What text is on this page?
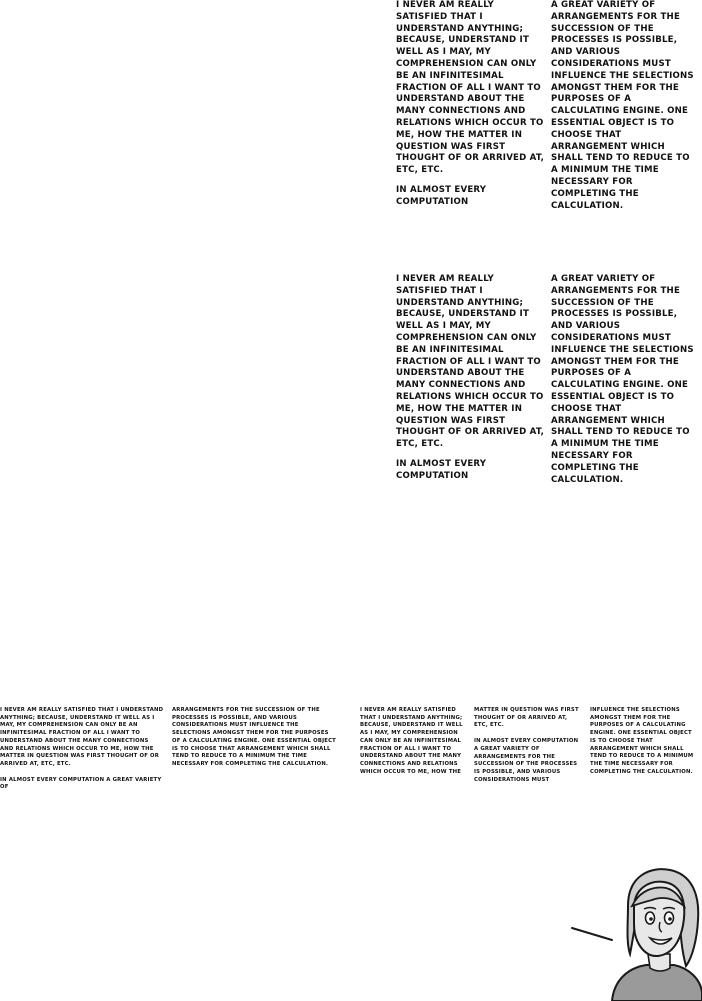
I NEVER AM REALLY SATISFIED THAT I UNDERSTAND ANYTHING; BECAUSE, UNDERSTAND IT WELL AS I MAY, MY COMPREHENSION CAN ONLY BE AN INFINITESIMAL FRACTION OF ALL I WANT TO UNDERSTAND ABOUT THE MANY CONNECTIONS AND RELATIONS WHICH OCCUR TO ME, HOW THE MATTER IN QUESTION WAS FIRST THOUGHT OF OR ARRIVED AT, ETC, ETC.

IN ALMOST EVERY COMPUTATION

A GREAT VARIETY OF ARRANGEMENTS FOR THE SUCCESSION OF THE PROCESSES IS POSSIBLE, AND VARIOUS CONSIDERATIONS MUST INFLUENCE THE SELECTIONS AMONGST THEM FOR THE PURPOSES OF A CALCULATING ENGINE. ONE ESSENTIAL OBJECT IS TO CHOOSE THAT ARRANGEMENT WHICH SHALL TEND TO REDUCE TO A MINIMUM THE TIME NECESSARY FOR COMPLETING THE CALCULATION.

I NEVER AM REALLY SATISFIED THAT I UNDERSTAND ANYTHING; BECAUSE, UNDERSTAND IT WELL AS I MAY, MY COMPREHENSION CAN ONLY BE AN INFINITESIMAL FRACTION OF ALL I WANT TO UNDERSTAND ABOUT THE MANY CONNECTIONS AND RELATIONS WHICH OCCUR TO ME, HOW THE MATTER IN QUESTION WAS FIRST THOUGHT OF OR ARRIVED AT, ETC, ETC.

IN ALMOST EVERY COMPUTATION

A GREAT VARIETY OF ARRANGEMENTS FOR THE SUCCESSION OF THE PROCESSES IS POSSIBLE, AND VARIOUS CONSIDERATIONS MUST INFLUENCE THE SELECTIONS AMONGST THEM FOR THE PURPOSES OF A CALCULATING ENGINE. ONE ESSENTIAL OBJECT IS TO CHOOSE THAT ARRANGEMENT WHICH SHALL TEND TO REDUCE TO A MINIMUM THE TIME NECESSARY FOR COMPLETING THE CALCULATION.

I NEVER AM REALLY SATISFIED THAT I UNDERSTAND ANYTHING; BECAUSE, UNDERSTAND IT WELL AS I MAY, MY COMPREHENSION CAN ONLY BE AN INFINITESIMAL FRACTION OF ALL I WANT TO UNDERSTAND ABOUT THE MANY CONNECTIONS AND RELATIONS WHICH OCCUR TO ME, HOW THE MATTER IN QUESTION WAS FIRST THOUGHT OF OR ARRIVED AT, ETC, ETC.

IN ALMOST EVERY COMPUTATION A GREAT VARIETY OF

ARRANGEMENTS FOR THE SUCCESSION OF THE PROCESSES IS POSSIBLE, AND VARIOUS CONSIDERATIONS MUST INFLUENCE THE SELECTIONS AMONGST THEM FOR THE PURPOSES OF A CALCULATING ENGINE. ONE ESSENTIAL OBJECT IS TO CHOOSE THAT ARRANGEMENT WHICH SHALL TEND TO REDUCE TO A MINIMUM THE TIME NECESSARY FOR COMPLETING THE CALCULATION.

I NEVER AM REALLY SATISFIED THAT I UNDERSTAND ANYTHING; BECAUSE, UNDERSTAND IT WELL AS I MAY, MY COMPREHENSION CAN ONLY BE AN INFINITESIMAL FRACTION OF ALL I WANT TO UNDERSTAND ABOUT THE MANY CONNECTIONS AND RELATIONS WHICH OCCUR TO ME, HOW THE

MATTER IN QUESTION WAS FIRST THOUGHT OF OR ARRIVED AT, ETC, ETC.

IN ALMOST EVERY COMPUTATION A GREAT VARIETY OF ARRANGEMENTS FOR THE SUCCESSION OF THE PROCESSES IS POSSIBLE, AND VARIOUS CONSIDERATIONS MUST

INFLUENCE THE SELECTIONS AMONGST THEM FOR THE PURPOSES OF A CALCULATING ENGINE. ONE ESSENTIAL OBJECT IS TO CHOOSE THAT ARRANGEMENT WHICH SHALL TEND TO REDUCE TO A MINIMUM THE TIME NECESSARY FOR COMPLETING THE CALCULATION.
